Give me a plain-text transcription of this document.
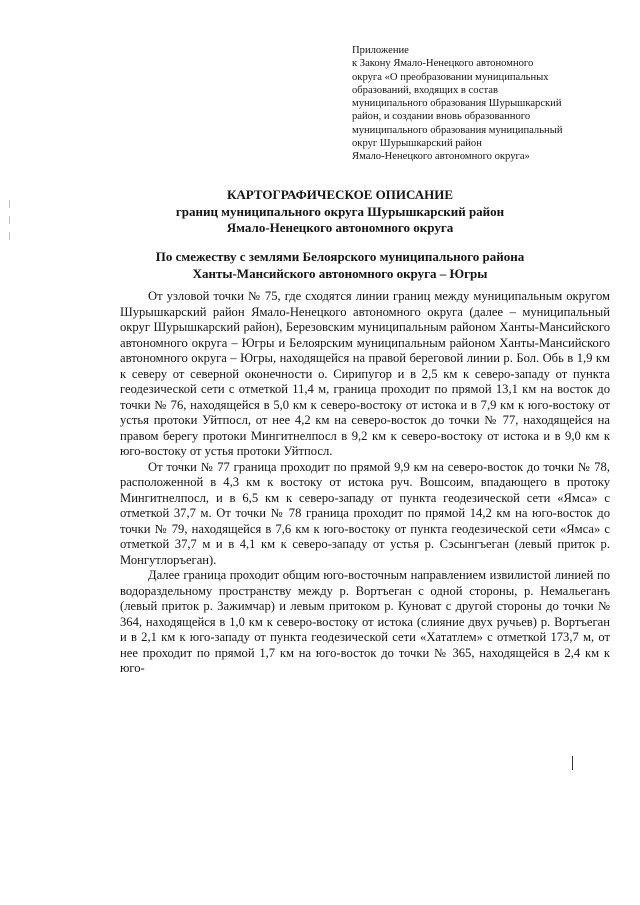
Приложение
к Закону Ямало-Ненецкого автономного
округа «О преобразовании муниципальных
образований, входящих в состав
муниципального образования Шурышкарский
район, и создании вновь образованного
муниципального образования муниципальный
округ Шурышкарский район
Ямало-Ненецкого автономного округа»
КАРТОГРАФИЧЕСКОЕ ОПИСАНИЕ
границ муниципального округа Шурышкарский район
Ямало-Ненецкого автономного округа
По смежеству с землями Белоярского муниципального района
Ханты-Мансийского автономного округа – Югры

От узловой точки № 75, где сходятся линии границ между муниципальным округом Шурышкарский район Ямало-Ненецкого автономного округа (далее – муниципальный округ Шурышкарский район), Березовским муниципальным районом Ханты-Мансийского автономного округа – Югры и Белоярским муниципальным районом Ханты-Мансийского автономного округа – Югры, находящейся на правой береговой линии р. Бол. Обь в 1,9 км к северу от северной оконечности о. Сирипугор и в 2,5 км к северо-западу от пункта геодезической сети с отметкой 11,4 м, граница проходит по прямой 13,1 км на восток до точки № 76, находящейся в 5,0 км к северо-востоку от истока и в 7,9 км к юго-востоку от устья протоки Уйтпосл, от нее 4,2 км на северо-восток до точки № 77, находящейся на правом берегу протоки Мингитнелпосл в 9,2 км к северо-востоку от истока и в 9,0 км к юго-востоку от устья протоки Уйтпосл.

От точки № 77 граница проходит по прямой 9,9 км на северо-восток до точки № 78, расположенной в 4,3 км к востоку от истока руч. Вошсоим, впадающего в протоку Мингитнелпосл, и в 6,5 км к северо-западу от пункта геодезической сети «Ямса» с отметкой 37,7 м. От точки № 78 граница проходит по прямой 14,2 км на юго-восток до точки № 79, находящейся в 7,6 км к юго-востоку от пункта геодезической сети «Ямса» с отметкой 37,7 м и в 4,1 км к северо-западу от устья р. Сэсынгъеган (левый приток р. Монгутлоръеган).

Далее граница проходит общим юго-восточным направлением извилистой линией по водораздельному пространству между р. Вортъеган с одной стороны, р. Немальеганъ (левый приток р. Зажимчар) и левым притоком р. Куноват с другой стороны до точки № 364, находящейся в 1,0 км к северо-востоку от истока (слияние двух ручьев) р. Вортъеган и в 2,1 км к юго-западу от пункта геодезической сети «Хататлем» с отметкой 173,7 м, от нее проходит по прямой 1,7 км на юго-восток до точки № 365, находящейся в 2,4 км к юго-
